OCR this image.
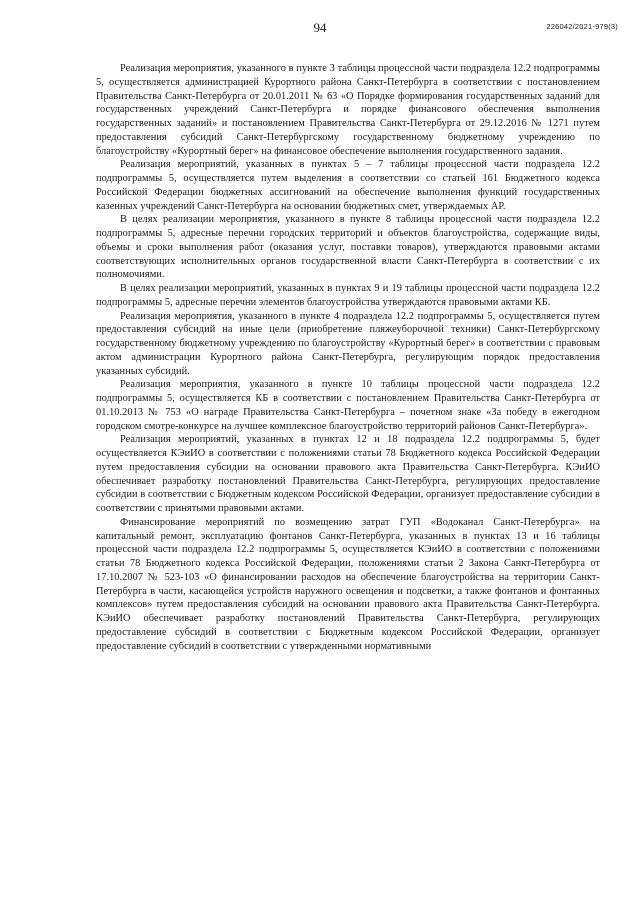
94	226042/2021-979(3)

Реализация мероприятия, указанного в пункте 3 таблицы процессной части подраздела 12.2 подпрограммы 5, осуществляется администрацией Курортного района Санкт-Петербурга в соответствии с постановлением Правительства Санкт-Петербурга от 20.01.2011 № 63 «О Порядке формирования государственных заданий для государственных учреждений Санкт-Петербурга и порядке финансового обеспечения выполнения государственных заданий» и постановлением Правительства Санкт-Петербурга от 29.12.2016 № 1271 путем предоставления субсидий Санкт-Петербургскому государственному бюджетному учреждению по благоустройству «Курортный берег» на финансовое обеспечение выполнения государственного задания.

Реализация мероприятий, указанных в пунктах 5 – 7 таблицы процессной части подраздела 12.2 подпрограммы 5, осуществляется путем выделения в соответствии со статьей 161 Бюджетного кодекса Российской Федерации бюджетных ассигнований на обеспечение выполнения функций государственных казенных учреждений Санкт-Петербурга на основании бюджетных смет, утверждаемых АР.

В целях реализации мероприятия, указанного в пункте 8 таблицы процессной части подраздела 12.2 подпрограммы 5, адресные перечни городских территорий и объектов благоустройства, содержащие виды, объемы и сроки выполнения работ (оказания услуг, поставки товаров), утверждаются правовыми актами соответствующих исполнительных органов государственной власти Санкт-Петербурга в соответствии с их полномочиями.

В целях реализации мероприятий, указанных в пунктах 9 и 19 таблицы процессной части подраздела 12.2 подпрограммы 5, адресные перечни элементов благоустройства утверждаются правовыми актами КБ.

Реализация мероприятия, указанного в пункте 4 подраздела 12.2 подпрограммы 5, осуществляется путем предоставления субсидий на иные цели (приобретение пляжеуборочной техники) Санкт-Петербургскому государственному бюджетному учреждению по благоустройству «Курортный берег» в соответствии с правовым актом администрации Курортного района Санкт-Петербурга, регулирующим порядок предоставления указанных субсидий.

Реализация мероприятия, указанного в пункте 10 таблицы процессной части подраздела 12.2 подпрограммы 5, осуществляется КБ в соответствии с постановлением Правительства Санкт-Петербурга от 01.10.2013 № 753 «О награде Правительства Санкт-Петербурга – почетном знаке «За победу в ежегодном городском смотре-конкурсе на лучшее комплексное благоустройство территорий районов Санкт-Петербурга».

Реализация мероприятий, указанных в пунктах 12 и 18 подраздела 12.2 подпрограммы 5, будет осуществляется КЭиИО в соответствии с положениями статьи 78 Бюджетного кодекса Российской Федерации путем предоставления субсидии на основании правового акта Правительства Санкт-Петербурга. КЭиИО обеспечивает разработку постановлений Правительства Санкт-Петербурга, регулирующих предоставление субсидии в соответствии с Бюджетным кодексом Российской Федерации, организует предоставление субсидии в соответствии с принятыми правовыми актами.

Финансирование мероприятий по возмещению затрат ГУП «Водоканал Санкт-Петербурга» на капитальный ремонт, эксплуатацию фонтанов Санкт-Петербурга, указанных в пунктах 13 и 16 таблицы процессной части подраздела 12.2 подпрограммы 5, осуществляется КЭиИО в соответствии с положениями статьи 78 Бюджетного кодекса Российской Федерации, положениями статьи 2 Закона Санкт-Петербурга от 17.10.2007 № 523-103 «О финансировании расходов на обеспечение благоустройства на территории Санкт-Петербурга в части, касающейся устройств наружного освещения и подсветки, а также фонтанов и фонтанных комплексов» путем предоставления субсидий на основании правового акта Правительства Санкт-Петербурга. КЭиИО обеспечивает разработку постановлений Правительства Санкт-Петербурга, регулирующих предоставление субсидий в соответствии с Бюджетным кодексом Российской Федерации, организует предоставление субсидий в соответствии с утвержденными нормативными
